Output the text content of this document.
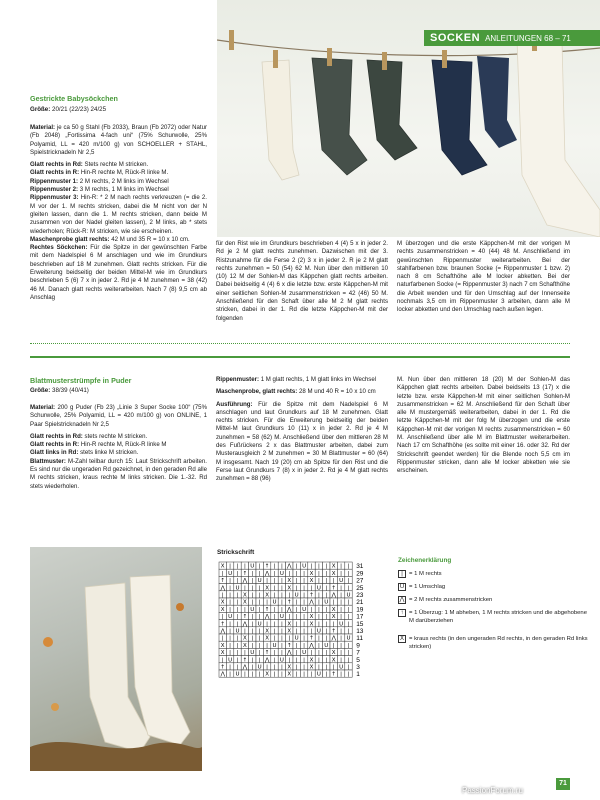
SOCKEN ANLEITUNGEN 68 – 71
Gestrickte Babysöckchen
Größe: 20/21 (22/23) 24/25

Material: je ca 50 g Stahl (Fb 2033), Braun (Fb 2072) oder Natur (Fb 2048) „Fortissima 4-fach uni“ (75% Schurwolle, 25% Polyamid, LL = 420 m/100 g) von SCHOELLER + STAHL, Spielstricknadeln Nr 2,5

Glatt rechts in Rd: Stets rechte M stricken.
Glatt rechts in R: Hin-R rechte M, Rück-R linke M.
Rippenmuster 1: 2 M rechts, 2 M links im Wechsel
Rippenmuster 2: 3 M rechts, 1 M links im Wechsel
Rippenmuster 3: Hin-R: * 2 M nach rechts verkreuzen (= die 2. M vor der 1. M rechts stricken, dabei die M nicht von der N gleiten lassen, dann die 1. M rechts stricken, dann beide M zusammen von der Nadel gleiten lassen), 2 M links, ab * stets wiederholen; Rück-R: M stricken, wie sie erscheinen.
Maschenprobe glatt rechts: 42 M und 35 R = 10 x 10 cm.
Rechtes Söckchen: Für die Spitze in der gewünschten Farbe mit dem Nadelspiel 6 M anschlagen und wie im Grundkurs beschrieben auf 18 M zunehmen. Glatt rechts stricken. Für die Erweiterung beidseitig der beiden Mittel-M wie im Grundkurs beschrieben 5 (6) 7 x in jeder 2. Rd je 4 M zunehmen = 38 (42) 46 M. Danach glatt rechts weiterarbeiten. Nach 7 (8) 9,5 cm ab Anschlag
für den Rist wie im Grundkurs beschrieben 4 (4) 5 x in jeder 2. Rd je 2 M glatt rechts zunehmen. Dazwischen mit der 3. Ristzunahme für die Ferse 2 (2) 3 x in jeder 2. R je 2 M glatt rechts zunehmen = 50 (54) 62 M. Nun über den mittleren 10 (10) 12 M der Sohlen-M das Käppchen glatt rechts arbeiten. Dabei beidseitig 4 (4) 6 x die letzte bzw. erste Käppchen-M mit einer seitlichen Sohlen-M zusammenstricken = 42 (46) 50 M. Anschließend für den Schaft über alle M 2 M glatt rechts stricken, dabei in der 1. Rd die letzte Käppchen-M mit der folgenden
M überzogen und die erste Käppchen-M mit der vorigen M rechts zusammenstricken = 40 (44) 48 M. Anschließend im gewünschten Rippenmuster weiterarbeiten. Bei der stahlfarbenen bzw. braunen Socke (= Rippenmuster 1 bzw. 2) nach 8 cm Schafthöhe alle M locker abketten. Bei der naturfarbenen Socke (= Rippenmuster 3) nach 7 cm Schafthöhe die Arbeit wenden und für den Umschlag auf der Innenseite nochmals 3,5 cm im Rippenmuster 3 arbeiten, dann alle M locker abketten und den Umschlag nach außen legen.
Blattmusterstrümpfe in Puder
Größe: 38/39 (40/41)

Material: 200 g Puder (Fb 23) „Linie 3 Super Socke 100“ (75% Schurwolle, 25% Polyamid, LL = 420 m/100 g) von ONLINE, 1 Paar Spielstricknadeln Nr 2,5

Glatt rechts in Rd: stets rechte M stricken.
Glatt rechts in R: Hin-R rechte M, Rück-R linke M
Glatt links in Rd: stets linke M stricken.
Blattmuster: M-Zahl teilbar durch 15: Laut Strickschrift arbeiten. Es sind nur die ungeraden Rd gezeichnet, in den geraden Rd alle M rechts stricken, kraus rechte M links stricken. Die 1.-32. Rd stets wiederholen.

Rippenmuster: 1 M glatt rechts, 1 M glatt links im Wechsel

Maschenprobe, glatt rechts: 28 M und 40 R = 10 x 10 cm

Ausführung: Für die Spitze mit dem Nadelspiel 6 M anschlagen und laut Grundkurs auf 18 M zunehmen. Glatt rechts stricken. Für die Erweiterung beidseitig der beiden Mittel-M laut Grundkurs 10 (11) x in jeder 2. Rd je 4 M zunehmen = 58 (62) M. Anschließend über den mittleren 28 M des Fußrückens 2 x das Blattmuster arbeiten, dabei zum Musterausgleich 2 M zunehmen = 30 M Blattmuster = 60 (64) M insgesamt. Nach 19 (20) cm ab Spitze für den Rist und die Ferse laut Grundkurs 7 (8) x in jeder 2. Rd je 4 M glatt rechts zunehmen = 88 (96)
M. Nun über den mittleren 18 (20) M der Sohlen-M das Käppchen glatt rechts arbeiten. Dabei beidseits 13 (17) x die letzte bzw. erste Käppchen-M mit einer seitlichen Sohlen-M zusammenstricken = 62 M. Anschließend für den Schaft über alle M mustergemäß weiterarbeiten, dabei in der 1. Rd die letzte Käppchen-M mit der folg M überzogen und die erste Käppchen-M mit der vorigen M rechts zusammenstricken = 60 M. Anschließend über alle M im Blattmuster weiterarbeiten. Nach 17 cm Schafthöhe (es sollte mit einer 16. oder 32. Rd der Strickschrift geendet werden) für die Blende noch 5,5 cm im Rippenmuster stricken, dann alle M locker abketten wie sie erscheinen.
Strickschrift
X | | | U | ↑ | | ⋀ | U | | | X | | 31
| U | ↑ | | ⋀ | U | | | X | | X | | 29
↑ | | ⋀ | U | | | X | | X | | | U | 27
⋀ | U | | | X | | X | | | U | ↑ | | 25
| | | X | | X | | | U | ↑ | | ⋀ | U 23
X | | X | | | U | ↑ | | ⋀ | U | | | 21
X | | | U | ↑ | | ⋀ | U | | | X | | 19
| U | ↑ | | ⋀ | U | | | X | | X | | 17
↑ | | ⋀ | U | | | X | | X | | | U | 15
⋀ | U | | | X | | X | | | U | ↑ | | 13
| | | X | | X | | | U | ↑ | | ⋀ | U 11
X | | X | | | U | ↑ | | ⋀ | U | | | 9
X | | | U | ↑ | | ⋀ | U | | | X | | 7
| U | ↑ | | ⋀ | U | | | X | | X | | 5
↑ | | ⋀ | U | | | X | | X | | | U | 3
⋀ | U | | | X | | X | | | U | ↑ | | 1
Zeichenerklärung
|	= 1 M rechts
U = 1 Umschlag
⋀ = 2 M rechts zusammenstricken
↑ = 1 Überzug: 1 M abheben, 1 M rechts stricken und die abgehobene M darüberziehen
X = kraus rechts (in den ungeraden Rd rechts, in den geraden Rd links stricken)
71
PassionForum.ru
